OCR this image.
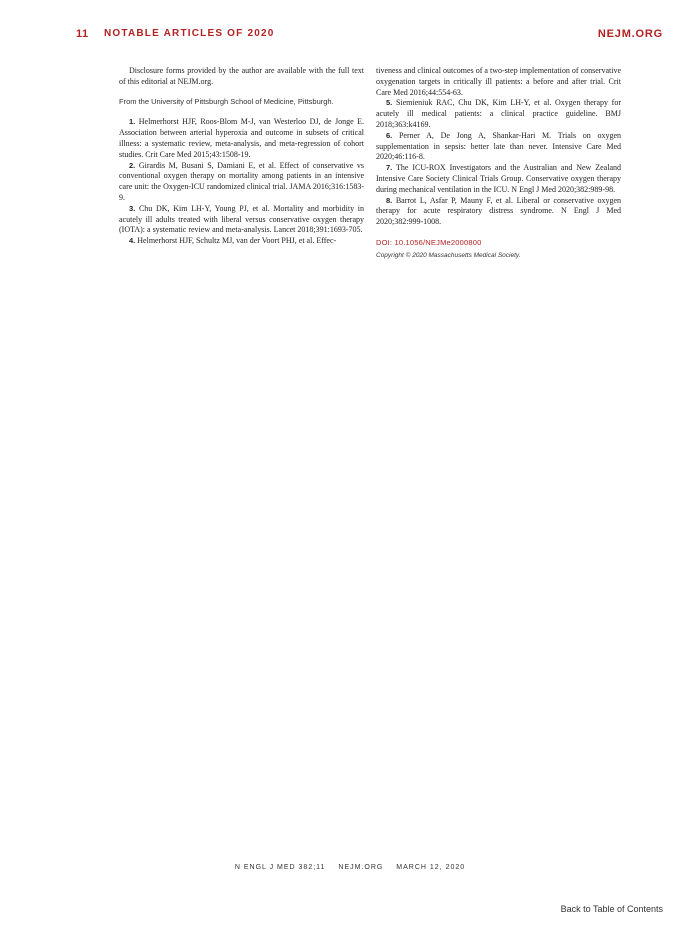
11 NOTABLE ARTICLES OF 2020	NEJM.ORG

Disclosure forms provided by the author are available with the full text of this editorial at NEJM.org.

From the University of Pittsburgh School of Medicine, Pittsburgh.

1. Helmerhorst HJF, Roos-Blom M-J, van Westerloo DJ, de Jonge E. Association between arterial hyperoxia and outcome in subsets of critical illness: a systematic review, meta-analysis, and meta-regression of cohort studies. Crit Care Med 2015;43:1508-19.

2. Girardis M, Busani S, Damiani E, et al. Effect of conservative vs conventional oxygen therapy on mortality among patients in an intensive care unit: the Oxygen-ICU randomized clinical trial. JAMA 2016;316:1583-9.

3. Chu DK, Kim LH-Y, Young PJ, et al. Mortality and morbidity in acutely ill adults treated with liberal versus conservative oxygen therapy (IOTA): a systematic review and meta-analysis. Lancet 2018;391:1693-705.

4. Helmerhorst HJF, Schultz MJ, van der Voort PHJ, et al. Effec-

tiveness and clinical outcomes of a two-step implementation of conservative oxygenation targets in critically ill patients: a before and after trial. Crit Care Med 2016;44:554-63.

5. Siemieniuk RAC, Chu DK, Kim LH-Y, et al. Oxygen therapy for acutely ill medical patients: a clinical practice guideline. BMJ 2018;363:k4169.

6. Perner A, De Jong A, Shankar-Hari M. Trials on oxygen supplementation in sepsis: better late than never. Intensive Care Med 2020;46:116-8.

7. The ICU-ROX Investigators and the Australian and New Zealand Intensive Care Society Clinical Trials Group. Conservative oxygen therapy during mechanical ventilation in the ICU. N Engl J Med 2020;382:989-98.

8. Barrot L, Asfar P, Mauny F, et al. Liberal or conservative oxygen therapy for acute respiratory distress syndrome. N Engl J Med 2020;382:999-1008.

DOI: 10.1056/NEJMe2000800

Copyright © 2020 Massachusetts Medical Society.

N ENGL J MED 382;11 NEJM.ORG MARCH 12, 2020
Back to Table of Contents
